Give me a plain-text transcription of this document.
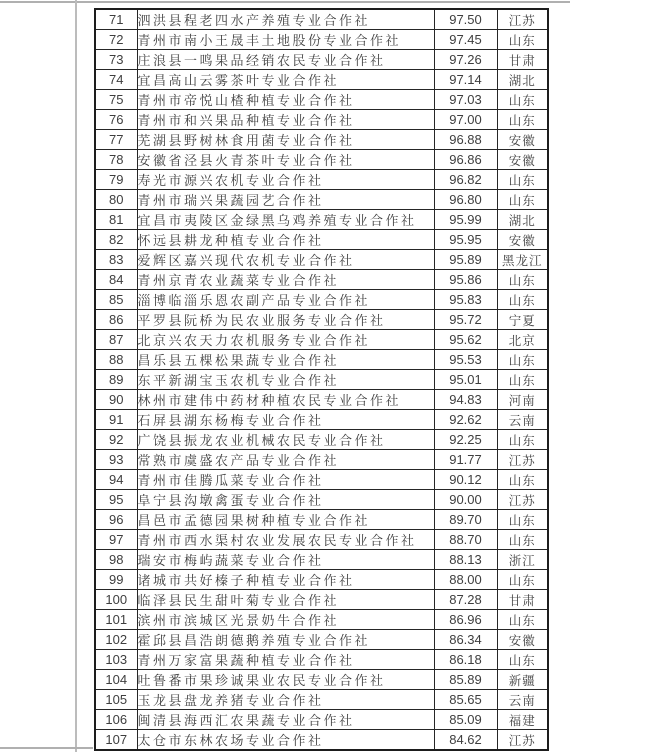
71	泗洪县程老四水产养殖专业合作社	97.50	江苏
72	青州市南小王晟丰土地股份专业合作社	97.45	山东
73	庄浪县一鸣果品经销农民专业合作社	97.26	甘肃
74	宜昌高山云雾茶叶专业合作社	97.14	湖北
75	青州市帝悦山楂种植专业合作社	97.03	山东
76	青州市和兴果品种植专业合作社	97.00	山东
77	芜湖县野树林食用菌专业合作社	96.88	安徽
78	安徽省泾县火青茶叶专业合作社	96.86	安徽
79	寿光市源兴农机专业合作社	96.82	山东
80	青州市瑞兴果蔬园艺合作社	96.80	山东
81	宜昌市夷陵区金绿黑乌鸡养殖专业合作社	95.99	湖北
82	怀远县耕龙种植专业合作社	95.95	安徽
83	爱辉区嘉兴现代农机专业合作社	95.89	黑龙江
84	青州京青农业蔬菜专业合作社	95.86	山东
85	淄博临淄乐恩农副产品专业合作社	95.83	山东
86	平罗县阮桥为民农业服务专业合作社	95.72	宁夏
87	北京兴农天力农机服务专业合作社	95.62	北京
88	昌乐县五棵松果蔬专业合作社	95.53	山东
89	东平新湖宝玉农机专业合作社	95.01	山东
90	林州市建伟中药材种植农民专业合作社	94.83	河南
91	石屏县湖东杨梅专业合作社	92.62	云南
92	广饶县振龙农业机械农民专业合作社	92.25	山东
93	常熟市虞盛农产品专业合作社	91.77	江苏
94	青州市佳腾瓜菜专业合作社	90.12	山东
95	阜宁县沟墩禽蛋专业合作社	90.00	江苏
96	昌邑市孟德园果树种植专业合作社	89.70	山东
97	青州市西水渠村农业发展农民专业合作社	88.70	山东
98	瑞安市梅屿蔬菜专业合作社	88.13	浙江
99	诸城市共好榛子种植专业合作社	88.00	山东
100	临泽县民生甜叶菊专业合作社	87.28	甘肃
101	滨州市滨城区光景奶牛合作社	86.96	山东
102	霍邱县昌浩朗德鹅养殖专业合作社	86.34	安徽
103	青州万家富果蔬种植专业合作社	86.18	山东
104	吐鲁番市果珍诚果业农民专业合作社	85.89	新疆
105	玉龙县盘龙养猪专业合作社	85.65	云南
106	闽清县海西汇农果蔬专业合作社	85.09	福建
107	太仓市东林农场专业合作社	84.62	江苏
